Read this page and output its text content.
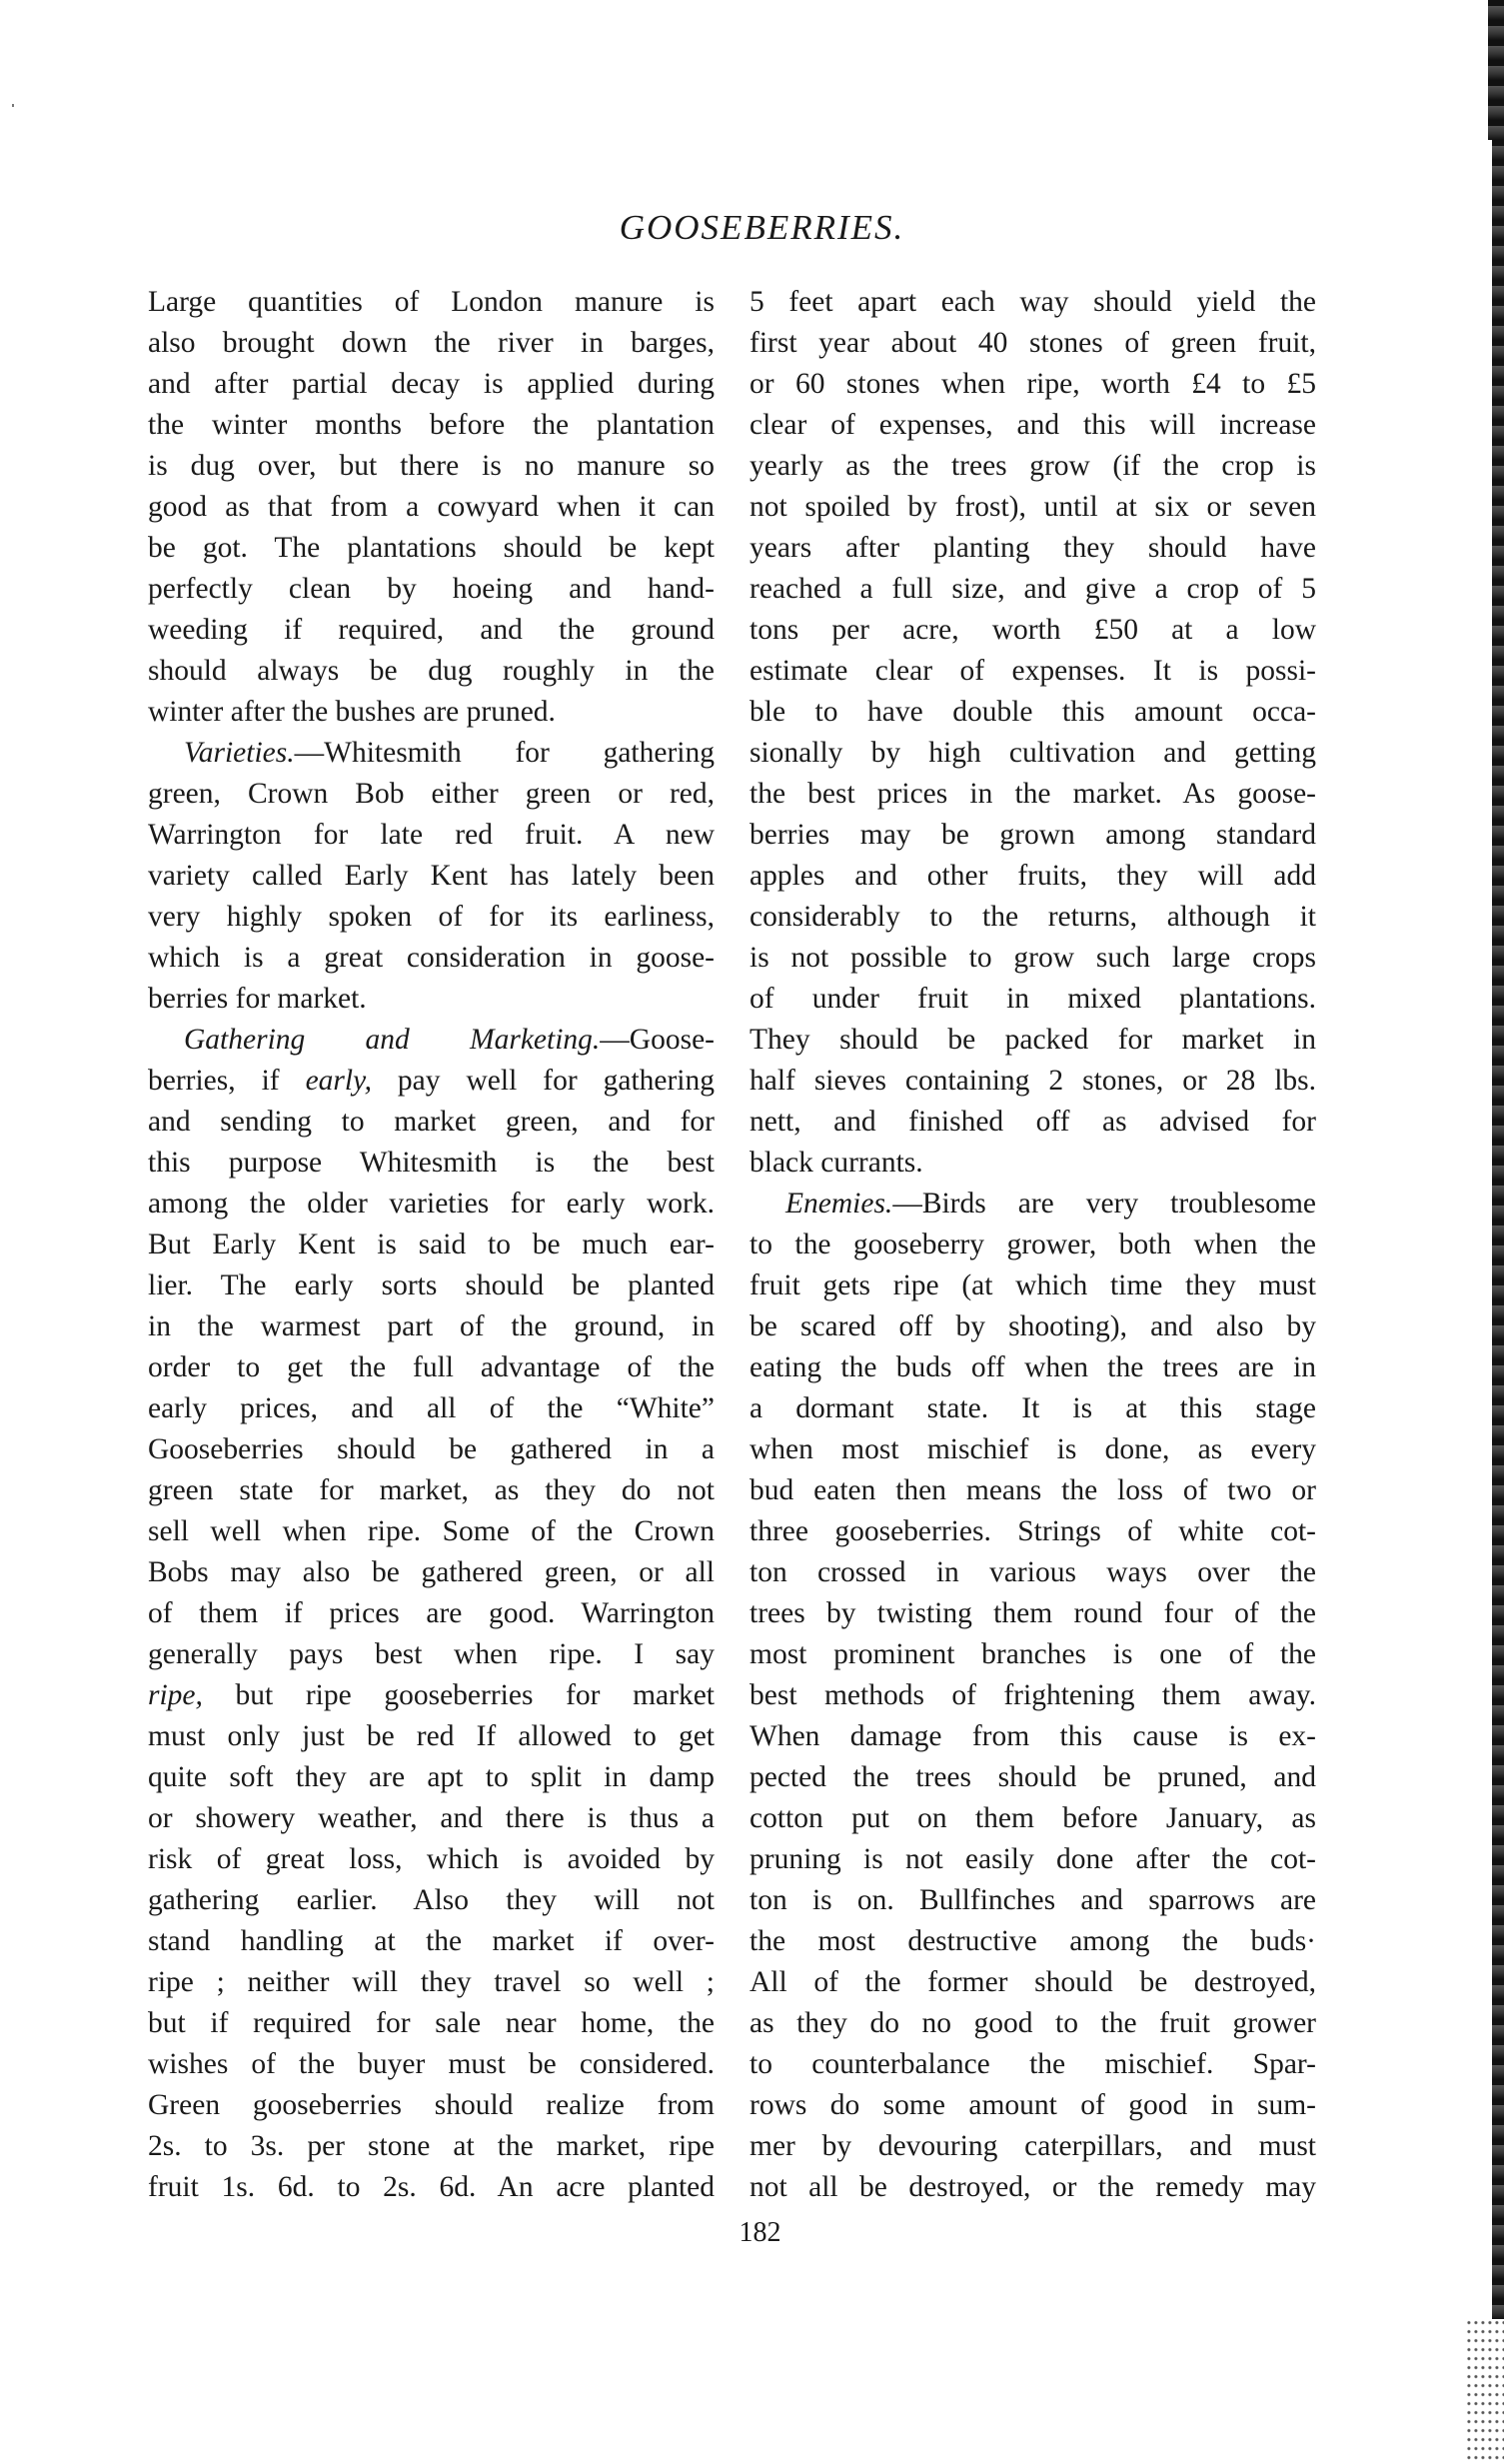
GOOSEBERRIES.
Large quantities of London manure is
also brought down the river in barges,
and after partial decay is applied during
the winter months before the plantation
is dug over, but there is no manure so
good as that from a cowyard when it can
be got. The plantations should be kept
perfectly clean by hoeing and hand-
weeding if required, and the ground
should always be dug roughly in the
winter after the bushes are pruned.
Varieties.—Whitesmith for gathering
green, Crown Bob either green or red,
Warrington for late red fruit. A new
variety called Early Kent has lately been
very highly spoken of for its earliness,
which is a great consideration in goose-
berries for market.
Gathering and Marketing.—Goose-
berries, if early, pay well for gathering
and sending to market green, and for
this purpose Whitesmith is the best
among the older varieties for early work.
But Early Kent is said to be much ear-
lier. The early sorts should be planted
in the warmest part of the ground, in
order to get the full advantage of the
early prices, and all of the “White”
Gooseberries should be gathered in a
green state for market, as they do not
sell well when ripe. Some of the Crown
Bobs may also be gathered green, or all
of them if prices are good. Warrington
generally pays best when ripe. I say
ripe, but ripe gooseberries for market
must only just be red If allowed to get
quite soft they are apt to split in damp
or showery weather, and there is thus a
risk of great loss, which is avoided by
gathering earlier. Also they will not
stand handling at the market if over-
ripe ; neither will they travel so well ;
but if required for sale near home, the
wishes of the buyer must be considered.
Green gooseberries should realize from
2s. to 3s. per stone at the market, ripe
fruit 1s. 6d. to 2s. 6d. An acre planted
5 feet apart each way should yield the
first year about 40 stones of green fruit,
or 60 stones when ripe, worth £4 to £5
clear of expenses, and this will increase
yearly as the trees grow (if the crop is
not spoiled by frost), until at six or seven
years after planting they should have
reached a full size, and give a crop of 5
tons per acre, worth £50 at a low
estimate clear of expenses. It is possi-
ble to have double this amount occa-
sionally by high cultivation and getting
the best prices in the market. As goose-
berries may be grown among standard
apples and other fruits, they will add
considerably to the returns, although it
is not possible to grow such large crops
of under fruit in mixed plantations.
They should be packed for market in
half sieves containing 2 stones, or 28 lbs.
nett, and finished off as advised for
black currants.
Enemies.—Birds are very troublesome
to the gooseberry grower, both when the
fruit gets ripe (at which time they must
be scared off by shooting), and also by
eating the buds off when the trees are in
a dormant state. It is at this stage
when most mischief is done, as every
bud eaten then means the loss of two or
three gooseberries. Strings of white cot-
ton crossed in various ways over the
trees by twisting them round four of the
most prominent branches is one of the
best methods of frightening them away.
When damage from this cause is ex-
pected the trees should be pruned, and
cotton put on them before January, as
pruning is not easily done after the cot-
ton is on. Bullfinches and sparrows are
the most destructive among the buds·
All of the former should be destroyed,
as they do no good to the fruit grower
to counterbalance the mischief. Spar-
rows do some amount of good in sum-
mer by devouring caterpillars, and must
not all be destroyed, or the remedy may
182
